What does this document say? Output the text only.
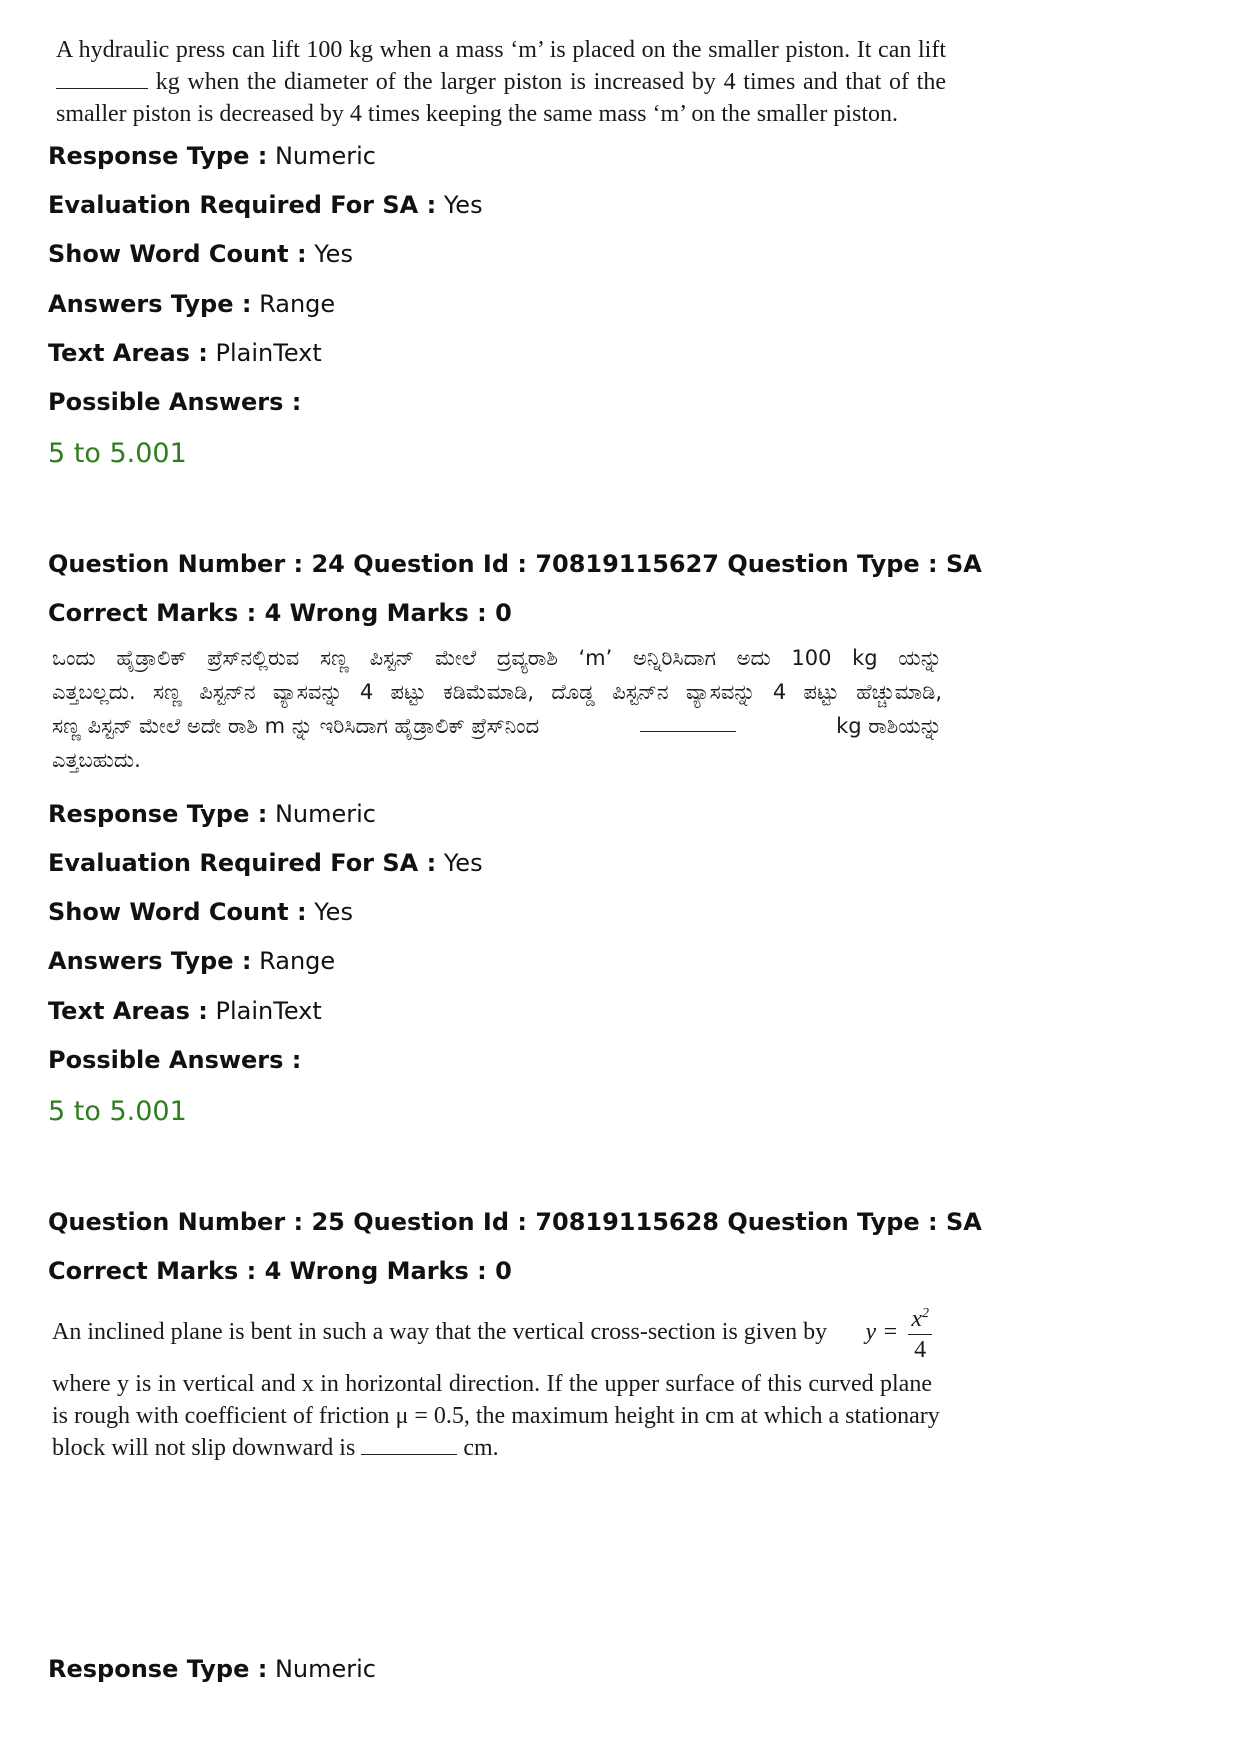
A hydraulic press can lift 100 kg when a mass ‘m’ is placed on the smaller piston. It can lift
kg when the diameter of the larger piston is increased by 4 times and that of the
smaller piston is decreased by 4 times keeping the same mass ‘m’ on the smaller piston.
Response Type : Numeric
Evaluation Required For SA : Yes
Show Word Count : Yes
Answers Type : Range
Text Areas : PlainText
Possible Answers :
5 to 5.001
Question Number : 24 Question Id : 70819115627 Question Type : SA
Correct Marks : 4 Wrong Marks : 0
ಒಂದು ಹೈಡ್ರಾಲಿಕ್ ಪ್ರೆಸ್‌ನಲ್ಲಿರುವ ಸಣ್ಣ ಪಿಸ್ಟನ್ ಮೇಲೆ ದ್ರವ್ಯರಾಶಿ ‘m’ ಅನ್ನಿರಿಸಿದಾಗ ಅದು 100 kg ಯನ್ನು
ಎತ್ತಬಲ್ಲದು. ಸಣ್ಣ ಪಿಸ್ಟನ್‌ನ ವ್ಯಾಸವನ್ನು 4 ಪಟ್ಟು ಕಡಿಮೆಮಾಡಿ, ದೊಡ್ಡ ಪಿಸ್ಟನ್‌ನ ವ್ಯಾಸವನ್ನು 4 ಪಟ್ಟು ಹೆಚ್ಚುಮಾಡಿ,
ಸಣ್ಣ ಪಿಸ್ಟನ್ ಮೇಲೆ ಅದೇ ರಾಶಿ m ನ್ನು ಇರಿಸಿದಾಗ ಹೈಡ್ರಾಲಿಕ್ ಪ್ರೆಸ್‌ನಿಂದ	kg ರಾಶಿಯನ್ನು
ಎತ್ತಬಹುದು.
Response Type : Numeric
Evaluation Required For SA : Yes
Show Word Count : Yes
Answers Type : Range
Text Areas : PlainText
Possible Answers :
5 to 5.001
Question Number : 25 Question Id : 70819115628 Question Type : SA
Correct Marks : 4 Wrong Marks : 0
An inclined plane is bent in such a way that the vertical cross-section is given by $y = \frac{x^2}{4}$
where y is in vertical and x in horizontal direction. If the upper surface of this curved plane
is rough with coefficient of friction μ = 0.5, the maximum height in cm at which a stationary
block will not slip downward is	cm.
Response Type : Numeric
